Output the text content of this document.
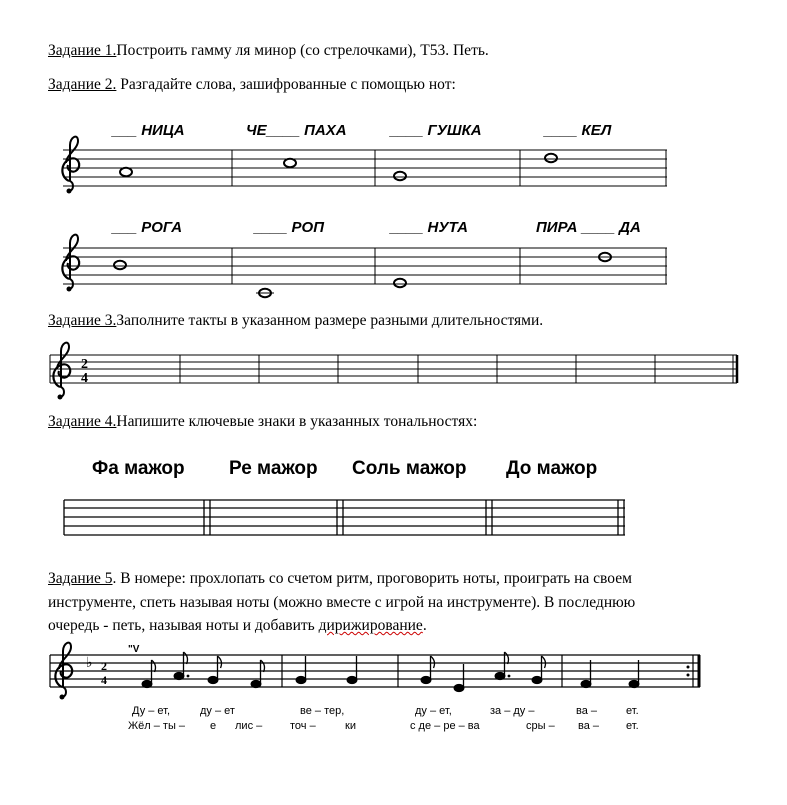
Задание 1.Построить гамму ля минор (со стрелочками), Т53. Петь.
Задание 2. Разгадайте слова, зашифрованные с помощью нот:
___ НИЦА	ЧЕ____ ПАХА	____ ГУШКА	____ КЕЛ
___ РОГА	____ РОП	____ НУТА	ПИРА ____ ДА
Задание 3.Заполните такты в указанном размере разными длительностями.
Задание 4.Напишите ключевые знаки в указанных тональностях:
Фа мажор Ре мажор Соль мажор До мажор
Задание 5. В номере: прохлопать со счетом ритм, проговорить ноты, проиграть на своем
инструменте, спеть называя ноты (можно вместе с игрой на инструменте). В последнюю
очередь - петь, называя ноты и добавить дирижирование.
Ду – ет,	ду – ет	ве – тер,	ду – ет,	за – ду –	ва –	ет.
Жёл – ты – е лис –	точ –	ки	с де – ре – ва	сры – ва – ет.
2
4
♭ 2
4
"V
